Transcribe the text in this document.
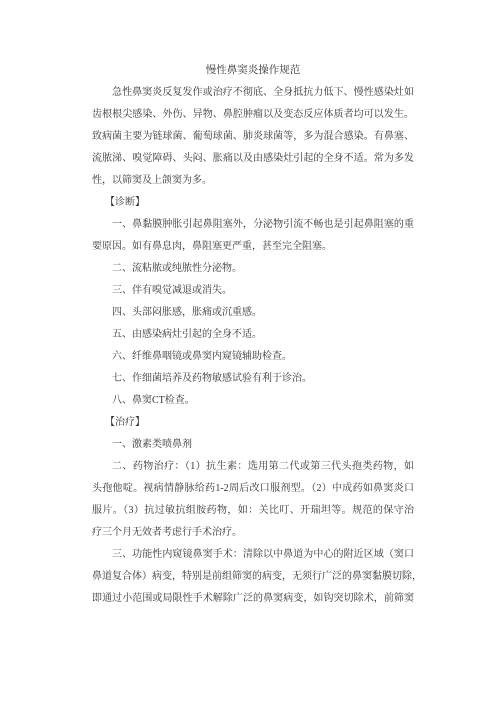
慢性鼻窦炎操作规范
急性鼻窦炎反复发作或治疗不彻底、全身抵抗力低下、慢性感染灶如
齿根根尖感染、外伤、异物、鼻腔肿瘤以及变态反应体质者均可以发生。
致病菌主要为链球菌、葡萄球菌、肺炎球菌等，多为混合感染。有鼻塞、
流脓涕、嗅觉障碍、头闷、胀痛以及由感染灶引起的全身不适。常为多发
性，以筛窦及上颌窦为多。
【诊断】
一、鼻黏膜肿胀引起鼻阻塞外，分泌物引流不畅也是引起鼻阻塞的重
要原因。如有鼻息肉，鼻阻塞更严重，甚至完全阻塞。
二、流粘脓或纯脓性分泌物。
三、伴有嗅觉减退或消失。
四、头部闷胀感，胀痛或沉重感。
五、由感染病灶引起的全身不适。
六、纤维鼻咽镜或鼻窦内窥镜辅助检查。
七、作细菌培养及药物敏感试验有利于诊治。
八、鼻窦CT检查。
【治疗】
一、激素类喷鼻剂
二、药物治疗：（1）抗生素：选用第二代或第三代头孢类药物，如
头孢他啶。视病情静脉给药1-2周后改口服剂型。（2）中成药如鼻窦炎口
服片。（3）抗过敏抗组胺药物，如：关比叮、开瑞坦等。规范的保守治
疗三个月无效者考虑行手术治疗。
三、功能性内窥镜鼻窦手术：清除以中鼻道为中心的附近区域（窦口
鼻道复合体）病变，特别是前组筛窦的病变，无须行广泛的鼻窦黏膜切除，
即通过小范围或局限性手术解除广泛的鼻窦病变，如钩突切除术，前筛窦
